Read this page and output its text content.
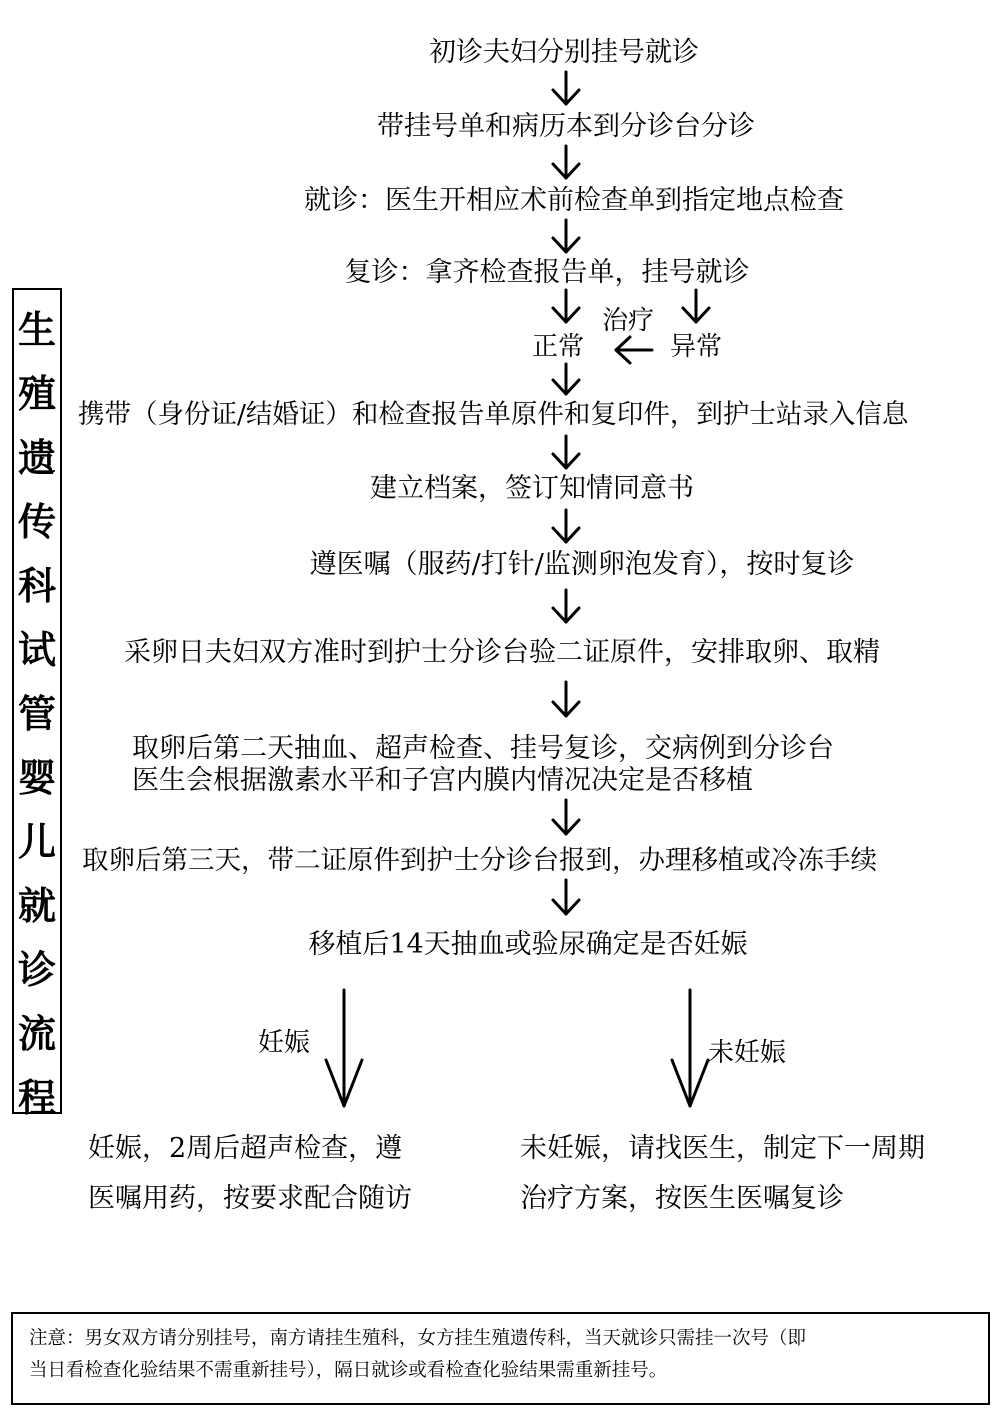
生
殖
遗
传
科
试
管
婴
儿
就
诊
流
程
初诊夫妇分别挂号就诊
带挂号单和病历本到分诊台分诊
就诊：医生开相应术前检查单到指定地点检查
复诊：拿齐检查报告单，挂号就诊
正常
治疗
异常
携带（身份证/结婚证）和检查报告单原件和复印件，到护士站录入信息
建立档案，签订知情同意书
遵医嘱（服药/打针/监测卵泡发育），按时复诊
采卵日夫妇双方准时到护士分诊台验二证原件，安排取卵、取精
取卵后第二天抽血、超声检查、挂号复诊，交病例到分诊台
医生会根据激素水平和子宫内膜内情况决定是否移植
取卵后第三天，带二证原件到护士分诊台报到，办理移植或冷冻手续
移植后14天抽血或验尿确定是否妊娠
妊娠	未妊娠
妊娠，2周后超声检查，遵
医嘱用药，按要求配合随访
未妊娠，请找医生，制定下一周期
治疗方案，按医生医嘱复诊
注意：男女双方请分别挂号，南方请挂生殖科，女方挂生殖遗传科，当天就诊只需挂一次号（即
当日看检查化验结果不需重新挂号），隔日就诊或看检查化验结果需重新挂号。
